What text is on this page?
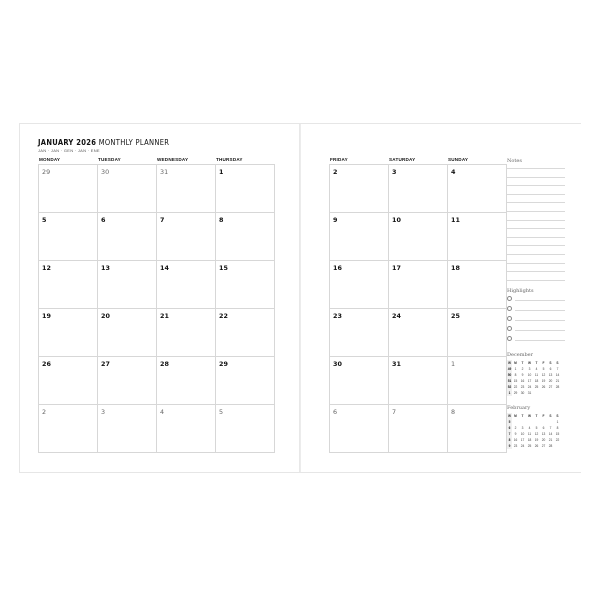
JANUARY 2026 MONTHLY PLANNER
JAN · JAN · GEN · JAN · ENE
MONDAY	TUESDAY	WEDNESDAY	THURSDAY
29	30	31	1
5	6	7	8
12	13	14	15
19	20	21	22
26	27	28	29
2	3	4	5
FRIDAY	SATURDAY	SUNDAY
2	3	4
9	10	11
16	17	18
23	24	25
30	31	1
6	7	8
Notes
Highlights
December
W	M	T	W	T	F	S	S
49	1	2	3	4	5	6	7
50	8	9	10	11	12	13	14
51	15	16	17	18	19	20	21
52	22	23	24	25	26	27	28
1	29	30	31				
February
W	M	T	W	T	F	S	S
5							1
6	2	3	4	5	6	7	8
7	9	10	11	12	13	14	15
8	16	17	18	19	20	21	22
9	23	24	25	26	27	28	
